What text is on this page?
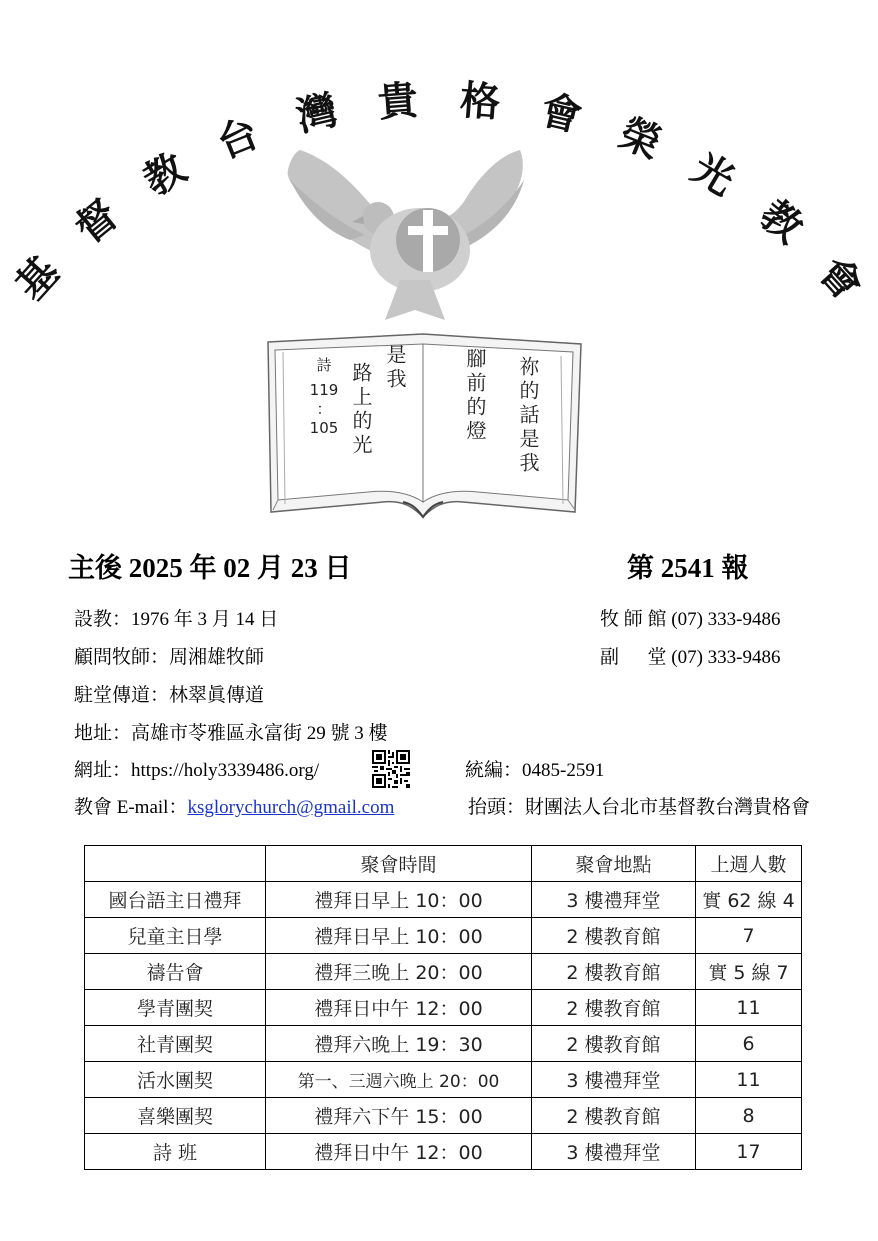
基
督
教
台 灣 貴 格 會 榮
光
教
會
詩
119
：
105 路上的光 是我	腳前的燈 祢的話是我
主後 2025 年 02 月 23 日	第 2541 報
設教：1976 年 3 月 14 日	牧 師 館 (07) 333-9486
顧問牧師：周湘雄牧師	副 　 堂 (07) 333-9486
駐堂傳道：林翠眞傳道
地址：高雄市苓雅區永富街 29 號 3 樓
網址：https://holy3339486.org/	統編：0485-2591
教會 E-mail：ksglorychurch@gmail.com	抬頭：財團法人台北市基督教台灣貴格會
	聚會時間	聚會地點	上週人數
國台語主日禮拜	禮拜日早上 10：00	3 樓禮拜堂	實 62 線 4
兒童主日學	禮拜日早上 10：00	2 樓教育館	7
禱告會	禮拜三晚上 20：00	2 樓教育館	實 5 線 7
學青團契	禮拜日中午 12：00	2 樓教育館	11
社青團契	禮拜六晚上 19：30	2 樓教育館	6
活水團契	第一、三週六晚上 20：00	3 樓禮拜堂	11
喜樂團契	禮拜六下午 15：00	2 樓教育館	8
詩 班	禮拜日中午 12：00	3 樓禮拜堂	17
